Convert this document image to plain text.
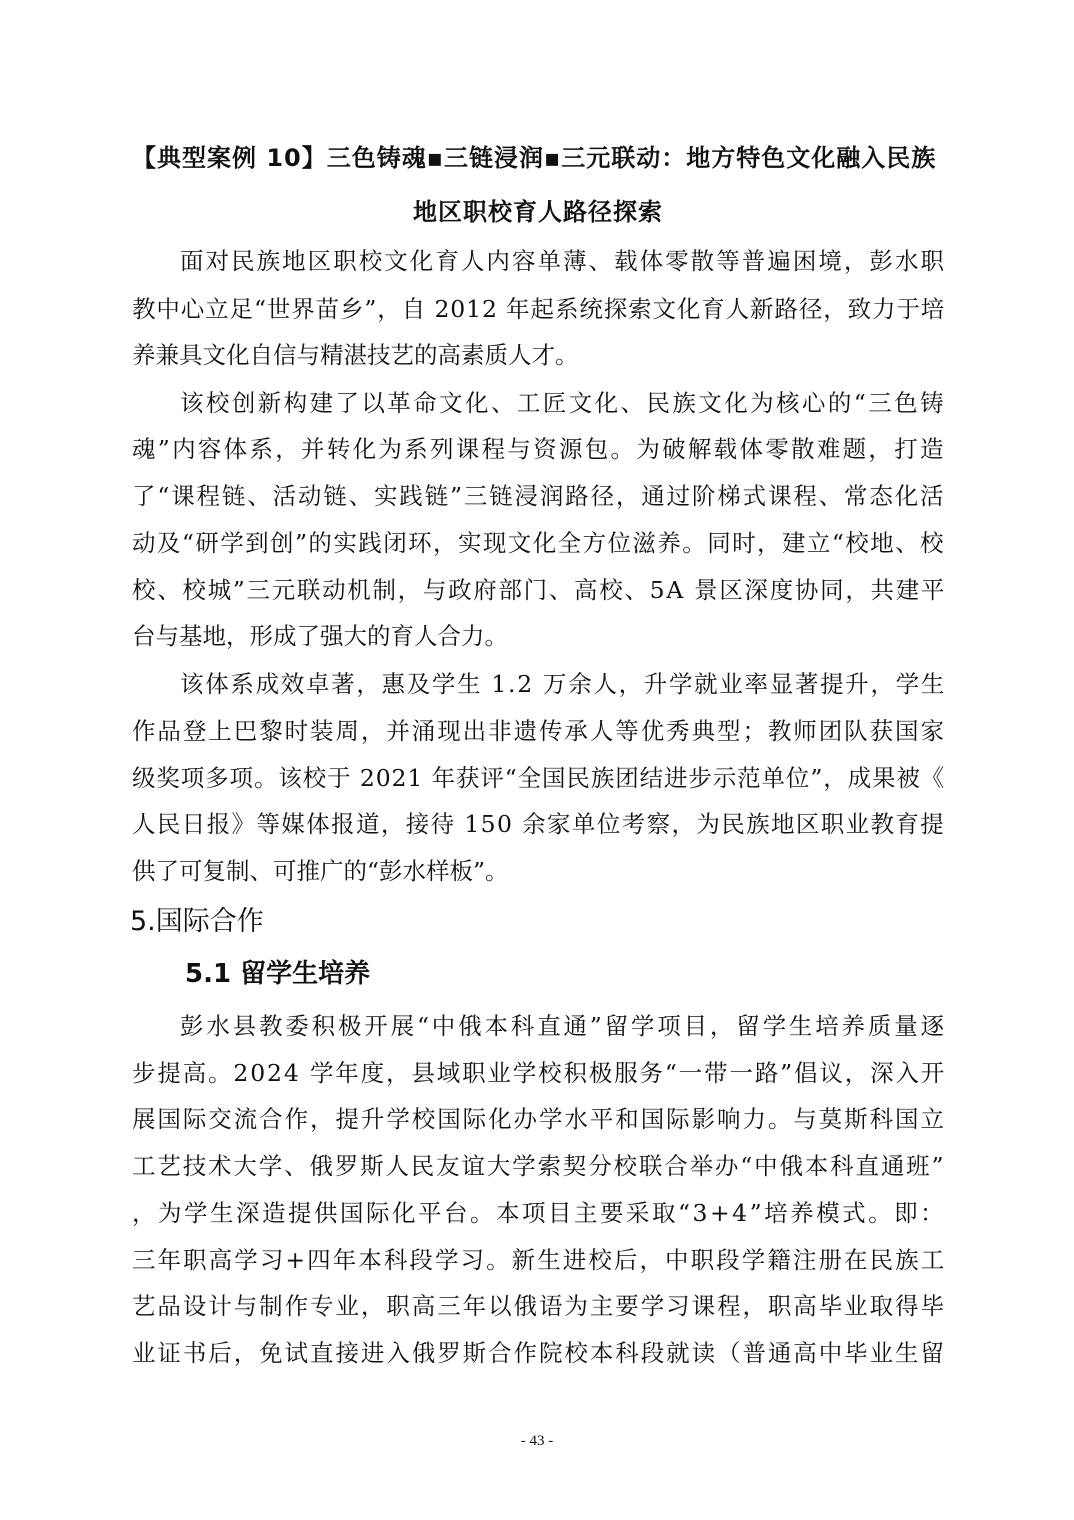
【典型案例 10】三色铸魂▪三链浸润▪三元联动：地方特色文化融入民族
地区职校育人路径探索
面对民族地区职校文化育人内容单薄、载体零散等普遍困境，彭水职
教中心立足“世界苗乡”，自 2012 年起系统探索文化育人新路径，致力于培
养兼具文化自信与精湛技艺的高素质人才。
该校创新构建了以革命文化、工匠文化、民族文化为核心的“三色铸
魂”内容体系，并转化为系列课程与资源包。为破解载体零散难题，打造
了“课程链、活动链、实践链”三链浸润路径，通过阶梯式课程、常态化活
动及“研学到创”的实践闭环，实现文化全方位滋养。同时，建立“校地、校
校、校城”三元联动机制，与政府部门、高校、5A 景区深度协同，共建平
台与基地，形成了强大的育人合力。
该体系成效卓著，惠及学生 1.2 万余人，升学就业率显著提升，学生
作品登上巴黎时装周，并涌现出非遗传承人等优秀典型；教师团队获国家
级奖项多项。该校于 2021 年获评“全国民族团结进步示范单位”，成果被《
人民日报》等媒体报道，接待 150 余家单位考察，为民族地区职业教育提
供了可复制、可推广的“彭水样板”。
5.国际合作
5.1 留学生培养
彭水县教委积极开展“中俄本科直通”留学项目，留学生培养质量逐
步提高。2024 学年度，县域职业学校积极服务“一带一路”倡议，深入开
展国际交流合作，提升学校国际化办学水平和国际影响力。与莫斯科国立
工艺技术大学、俄罗斯人民友谊大学索契分校联合举办“中俄本科直通班”
，为学生深造提供国际化平台。本项目主要采取“3+4”培养模式。即：
三年职高学习+四年本科段学习。新生进校后，中职段学籍注册在民族工
艺品设计与制作专业，职高三年以俄语为主要学习课程，职高毕业取得毕
业证书后，免试直接进入俄罗斯合作院校本科段就读（普通高中毕业生留
- 43 -
